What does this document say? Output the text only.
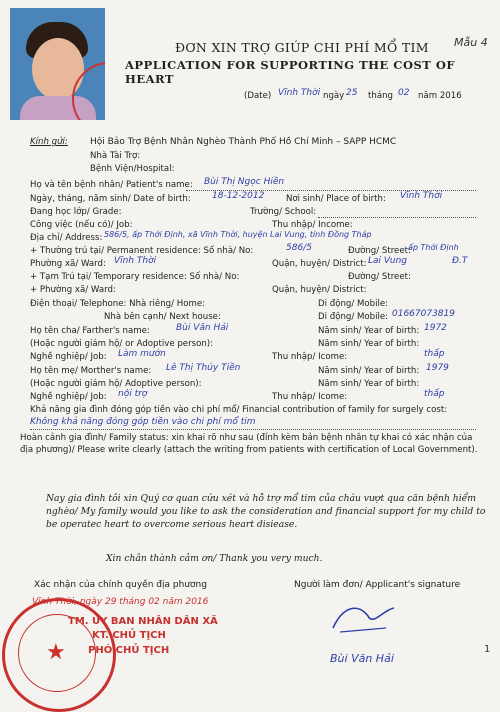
Mẫu 4
ĐƠN XIN TRỢ GIÚP CHI PHÍ MỔ TIM
APPLICATION FOR SUPPORTING THE COST OF HEART
(Date) Vĩnh Thời ngày 25 tháng 02 năm 2016
Kính gửi: Hội Bảo Trợ Bệnh Nhân Nghèo Thành Phố Hồ Chí Minh – SAPP HCMC
Nhà Tài Trợ:
Bệnh Viện/Hospital:
Họ và tên bệnh nhân/ Patient's name: Bùi Thị Ngọc Hiền
Ngày, tháng, năm sinh/ Date of birth: 18-12-2012	Nơi sinh/ Place of birth: Vĩnh Thời
Đang học lớp/ Grade:	Trường/ School:
Công việc (nếu có)/ Job:	Thu nhập/ Income:
Địa chỉ/ Address: 586/5, ấp Thới Định, xã Vĩnh Thời, huyện Lai Vung, tỉnh Đồng Tháp
+ Thường trú tại/ Permanent residence: Số nhà/ No:	586/5	Đường/ Street:
ấp Thới Định
Phường xã/ Ward: Vĩnh Thời	Quận, huyện/ District: Lai Vung	Đ.T
+ Tạm Trú tại/ Temporary residence: Số nhà/ No:	Đường/ Street:
+ Phường xã/ Ward:	Quận, huyện/ District:
Điện thoại/ Telephone: Nhà riêng/ Home:	Di động/ Mobile:
Nhà bên cạnh/ Next house:	Di động/ Mobile: 01667073819
Họ tên cha/ Farther's name:	Bùi Văn Hải	Năm sinh/ Year of birth: 1972
(Hoặc người giám hộ/ or Adoptive person):	Năm sinh/ Year of birth:
Nghề nghiệp/ Job: Làm mướn	Thu nhập/ Icome:	thấp
Họ tên mẹ/ Morther's name: Lê Thị Thúy Tiền	Năm sinh/ Year of birth: 1979
(Hoặc người giám hộ/ Adoptive person):	Năm sinh/ Year of birth:
Nghề nghiệp/ Job: nội trợ	Thu nhập/ Icome:	thấp
Khả năng gia đình đóng góp tiền vào chi phí mổ/ Financial contribution of family for surgely cost:
Không khả năng đóng góp tiền vào chi phí mổ tim
Hoàn cảnh gia đình/ Family status: xin khai rõ như sau (đính kèm bản bệnh nhân tự khai có xác nhận của địa phương)/ Please write clearly (attach the writing from patients with certification of Local Government).
Nay gia đình tôi xin Quý cơ quan cứu xét và hỗ trợ mổ tim của cháu vượt qua căn bệnh hiểm nghèo/ My family would you like to ask the consideration and financial support for my child to be operatec heart to overcome serious heart disiease.
Xin chân thành cảm ơn/ Thank you very much.
Xác nhận của chính quyền địa phương	Người làm đơn/ Applicant's signature
Vĩnh Thời, ngày 29 tháng 02 năm 2016
TM. ỦY BAN NHÂN DÂN XÃ
KT. CHỦ TỊCH
PHÓ CHỦ TỊCH
★	Bùi Văn Hải
1
